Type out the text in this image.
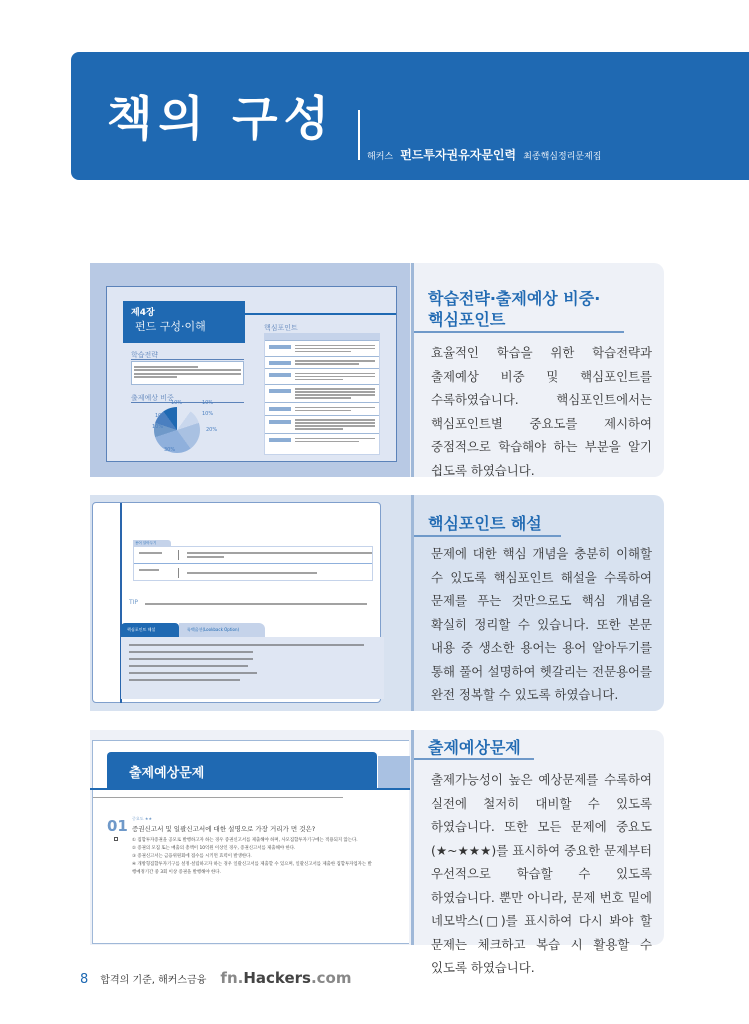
책의 구성
해커스 펀드투자권유자문인력 최종핵심정리문제집
제4장
펀드 구성·이해
학습전략
출제예상 비중
10%	10%
10%
20%
10%
10%
30%
핵심포인트
학습전략·출제예상 비중·
핵심포인트
효율적인 학습을 위한 학습전략과 출제예상 비중 및 핵심포인트를 수록하였습니다. 핵심포인트에서는 핵심포인트별 중요도를 제시하여 중점적으로 학습해야 하는 부분을 알기 쉽도록 하였습니다.
용어 알아두기
TIP
핵심포인트 해설	룩백옵션(Lookback Option)
핵심포인트 해설
문제에 대한 핵심 개념을 충분히 이해할 수 있도록 핵심포인트 해설을 수록하여 문제를 푸는 것만으로도 핵심 개념을 확실히 정리할 수 있습니다. 또한 본문 내용 중 생소한 용어는 용어 알아두기를 통해 풀어 설명하여 헷갈리는 전문용어를 완전 정복할 수 있도록 하였습니다.
출제예상문제
01 중요도 ★★
증권신고서 및 일괄신고서에 대한 설명으로 가장 거리가 먼 것은?
① 집합투자증권을 공모로 발행하고자 하는 경우 증권신고서를 제출해야 하며, 사모집합투자기구에는 적용되지 않는다.
② 증권의 모집 또는 매출의 총액이 10억원 이상인 경우, 증권신고서를 제출해야 한다.
③ 증권신고서는 금융위원회에 접수를 시키면 효력이 발생한다.
④ 개방형집합투자기구를 설정·설립하고자 하는 경우 일괄신고서를 제출할 수 있으며, 일괄신고서를 제출한 집합투자업자는 발행예정기간 중 3회 이상 증권을 발행해야 한다.
출제예상문제
출제가능성이 높은 예상문제를 수록하여 실전에 철저히 대비할 수 있도록 하였습니다. 또한 모든 문제에 중요도(★~★★★)를 표시하여 중요한 문제부터 우선적으로 학습할 수 있도록 하였습니다. 뿐만 아니라, 문제 번호 밑에 네모박스(□)를 표시하여 다시 봐야 할 문제는 체크하고 복습 시 활용할 수 있도록 하였습니다.
8 합격의 기준, 해커스금융 fn.Hackers.com
